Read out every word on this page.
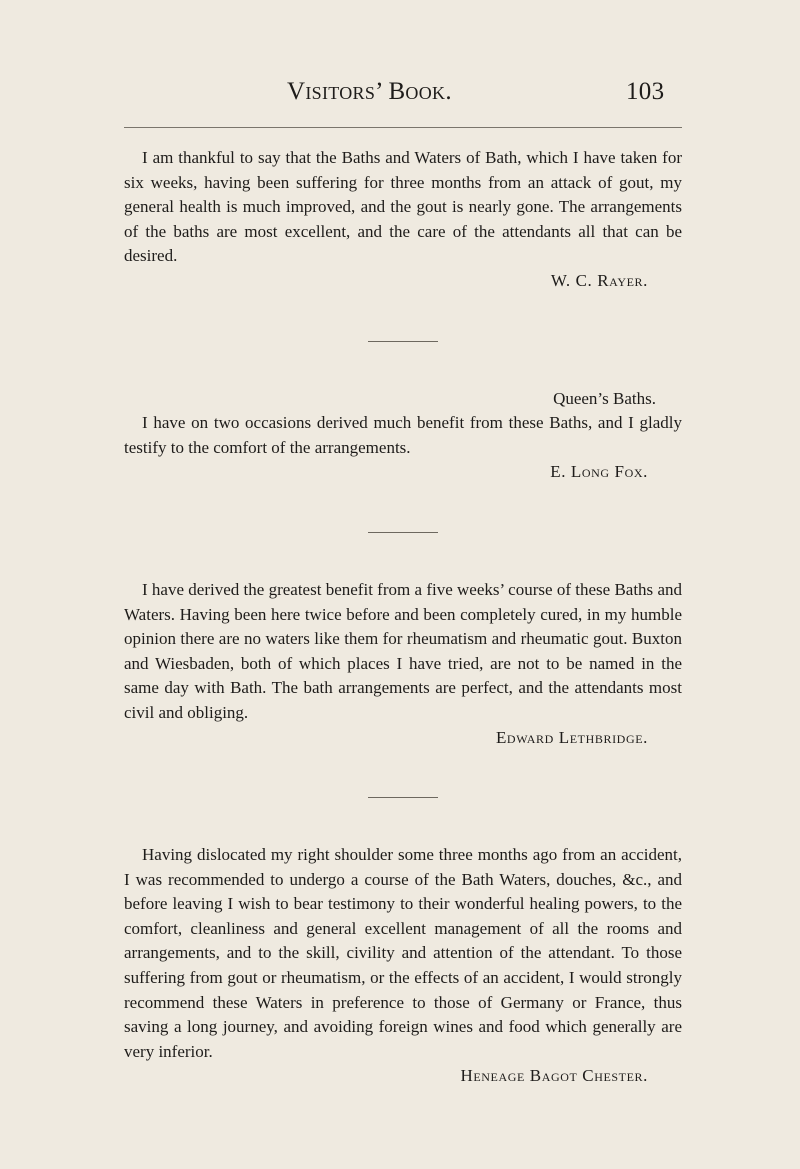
Visitors’ Book.	103

I am thankful to say that the Baths and Waters of Bath, which I have taken for six weeks, having been suffering for three months from an attack of gout, my general health is much improved, and the gout is nearly gone. The arrangements of the baths are most excellent, and the care of the attendants all that can be desired.

W. C. Rayer.
Queen’s Baths.

I have on two occasions derived much benefit from these Baths, and I gladly testify to the comfort of the arrangements.

E. Long Fox.

I have derived the greatest benefit from a five weeks’ course of these Baths and Waters. Having been here twice before and been completely cured, in my humble opinion there are no waters like them for rheumatism and rheumatic gout. Buxton and Wiesbaden, both of which places I have tried, are not to be named in the same day with Bath. The bath arrangements are perfect, and the attendants most civil and obliging.

Edward Lethbridge.

Having dislocated my right shoulder some three months ago from an accident, I was recommended to undergo a course of the Bath Waters, douches, &c., and before leaving I wish to bear testimony to their wonderful healing powers, to the comfort, cleanliness and general excellent management of all the rooms and arrangements, and to the skill, civility and attention of the attendant. To those suffering from gout or rheumatism, or the effects of an accident, I would strongly recommend these Waters in preference to those of Germany or France, thus saving a long journey, and avoiding foreign wines and food which generally are very inferior.

Heneage Bagot Chester.
